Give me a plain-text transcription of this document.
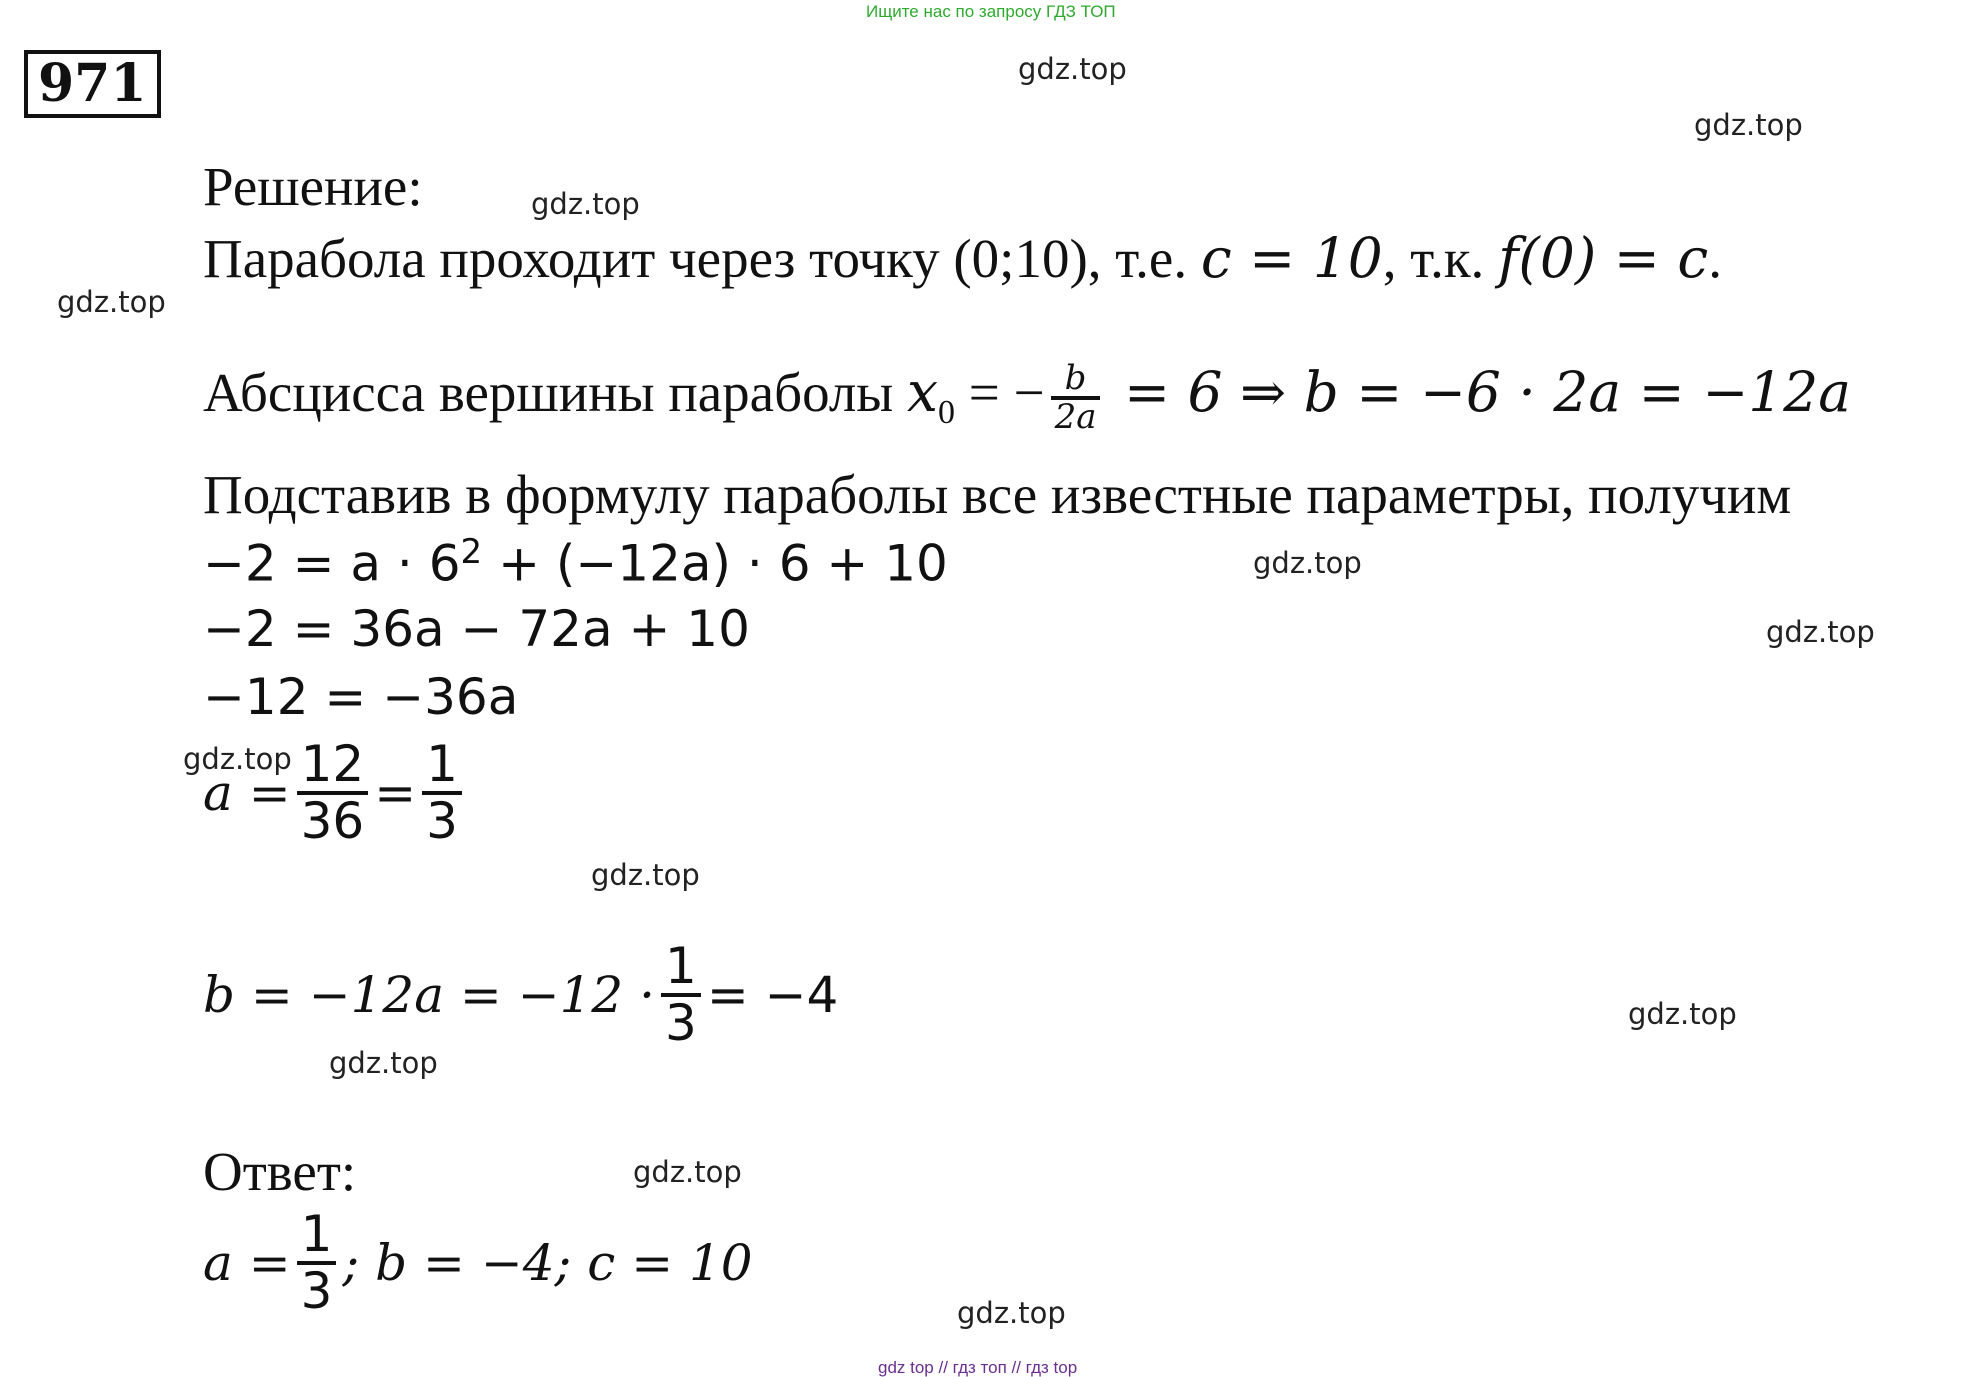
Ищите нас по запросу ГДЗ ТОП
971	gdz.top
gdz.top
gdz.top
gdz.top
gdz.top
gdz.top
gdz.top
gdz.top
gdz.top
gdz.top
gdz.top
gdz.top
Решение:
Парабола проходит через точку (0;10), т.е. c = 10, т.к. f(0) = c.
Абсцисса вершины параболы $x_0$ = − $\frac{b}{2a} = 6$ ⇒ b = −6 · 2a = −12a
Подставив в формулу параболы все известные параметры, получим
$-2 = a \cdot 6^2 + (-12a) \cdot 6 + 10$
−2 = 36a − 72a + 10
−12 = −36a
$a = \frac{12}{36} = \frac{1}{3}$
$b = -12a = -12 \cdot \frac{1}{3} = -4$
Ответ:
$a = \frac{1}{3}$ ; b = −4; c = 10
gdz top // гдз топ // гдз top
